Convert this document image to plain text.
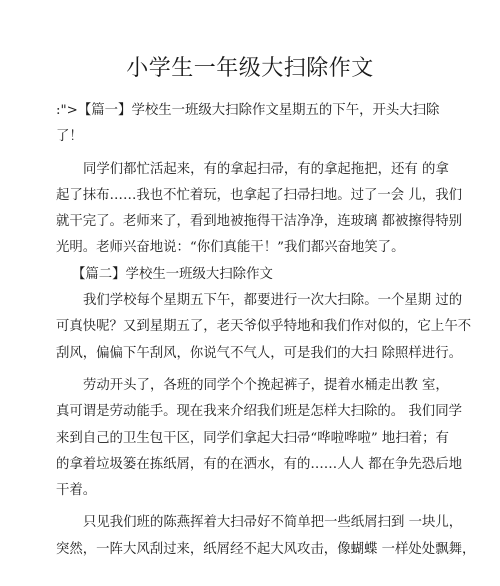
小学生一年级大扫除作文
:">【篇一】学校生一班级大扫除作文星期五的下午，开头大扫除
了！
同学们都忙活起来，有的拿起扫帚，有的拿起拖把，还有 的拿
起了抹布……我也不忙着玩，也拿起了扫帚扫地。过了一会 儿，我们
就干完了。老师来了，看到地被拖得干洁净净，连玻璃 都被擦得特别
光明。老师兴奋地说：“你们真能干！”我们都兴奋地笑了。
【篇二】学校生一班级大扫除作文
我们学校每个星期五下午，都要进行一次大扫除。一个星期 过的
可真快呢？又到星期五了，老天爷似乎特地和我们作对似的，它上午不
刮风，偏偏下午刮风，你说气不气人，可是我们的大扫 除照样进行。
劳动开头了，各班的同学个个挽起裤子，提着水桶走出教 室，
真可谓是劳动能手。现在我来介绍我们班是怎样大扫除的。 我们同学
来到自己的卫生包干区，同学们拿起大扫帚“哗啦哗啦” 地扫着；有
的拿着垃圾篓在拣纸屑，有的在洒水，有的……人人 都在争先恐后地
干着。
只见我们班的陈燕挥着大扫帚好不简单把一些纸屑扫到 一块儿，
突然，一阵大风刮过来，纸屑经不起大风攻击，像蝴蝶 一样处处飘舞，
